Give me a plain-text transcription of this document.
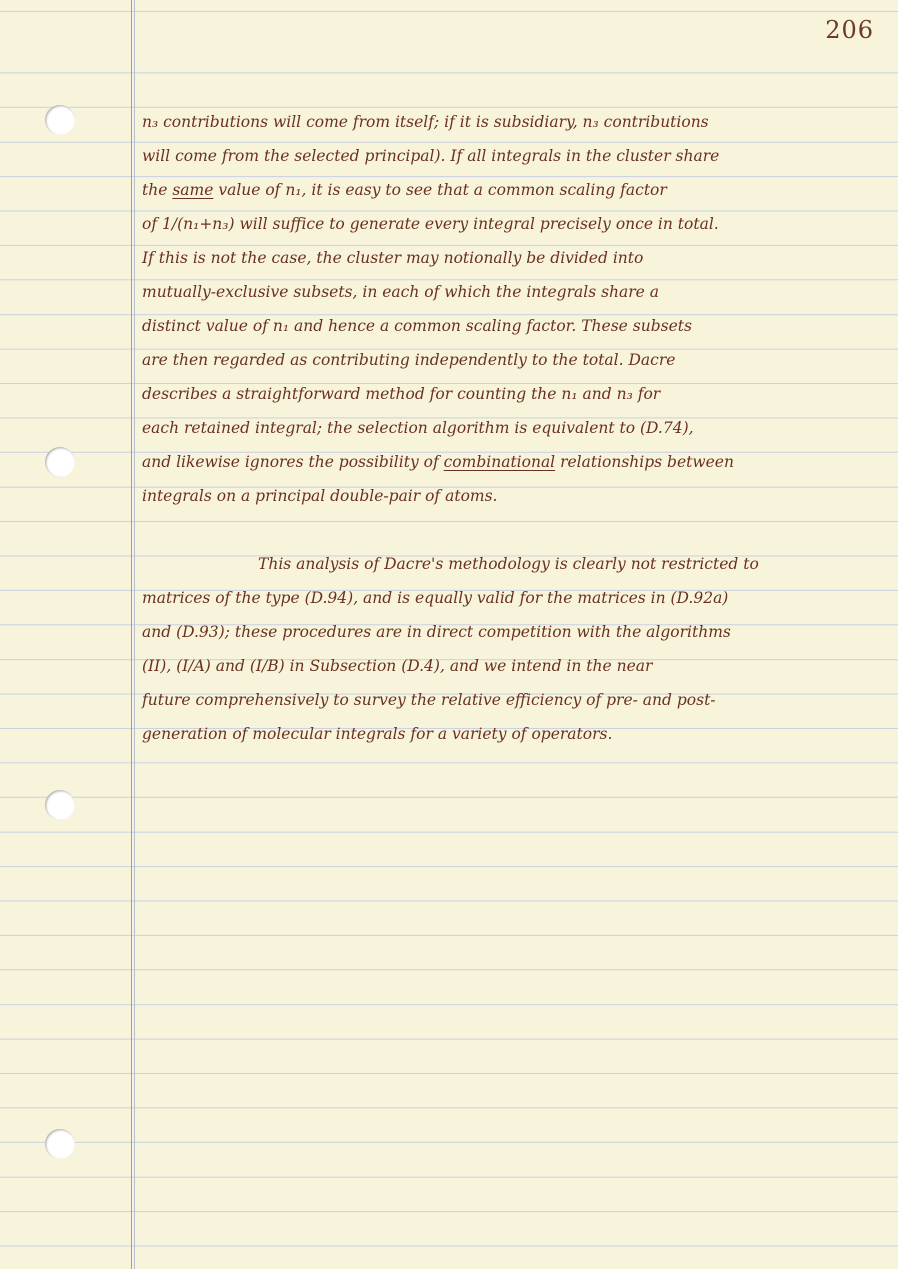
206
n₃ contributions will come from itself; if it is subsidiary, n₃ contributions
will come from the selected principal). If all integrals in the cluster share
the same value of n₁, it is easy to see that a common scaling factor
of 1/(n₁+n₃) will suffice to generate every integral precisely once in total.
If this is not the case, the cluster may notionally be divided into
mutually-exclusive subsets, in each of which the integrals share a
distinct value of n₁ and hence a common scaling factor. These subsets
are then regarded as contributing independently to the total. Dacre
describes a straightforward method for counting the n₁ and n₃ for
each retained integral; the selection algorithm is equivalent to (D.74),
and likewise ignores the possibility of combinational relationships between
integrals on a principal double-pair of atoms.
This analysis of Dacre's methodology is clearly not restricted to
matrices of the type (D.94), and is equally valid for the matrices in (D.92a)
and (D.93); these procedures are in direct competition with the algorithms
(II), (I/A) and (I/B) in Subsection (D.4), and we intend in the near
future comprehensively to survey the relative efficiency of pre- and post-
generation of molecular integrals for a variety of operators.
